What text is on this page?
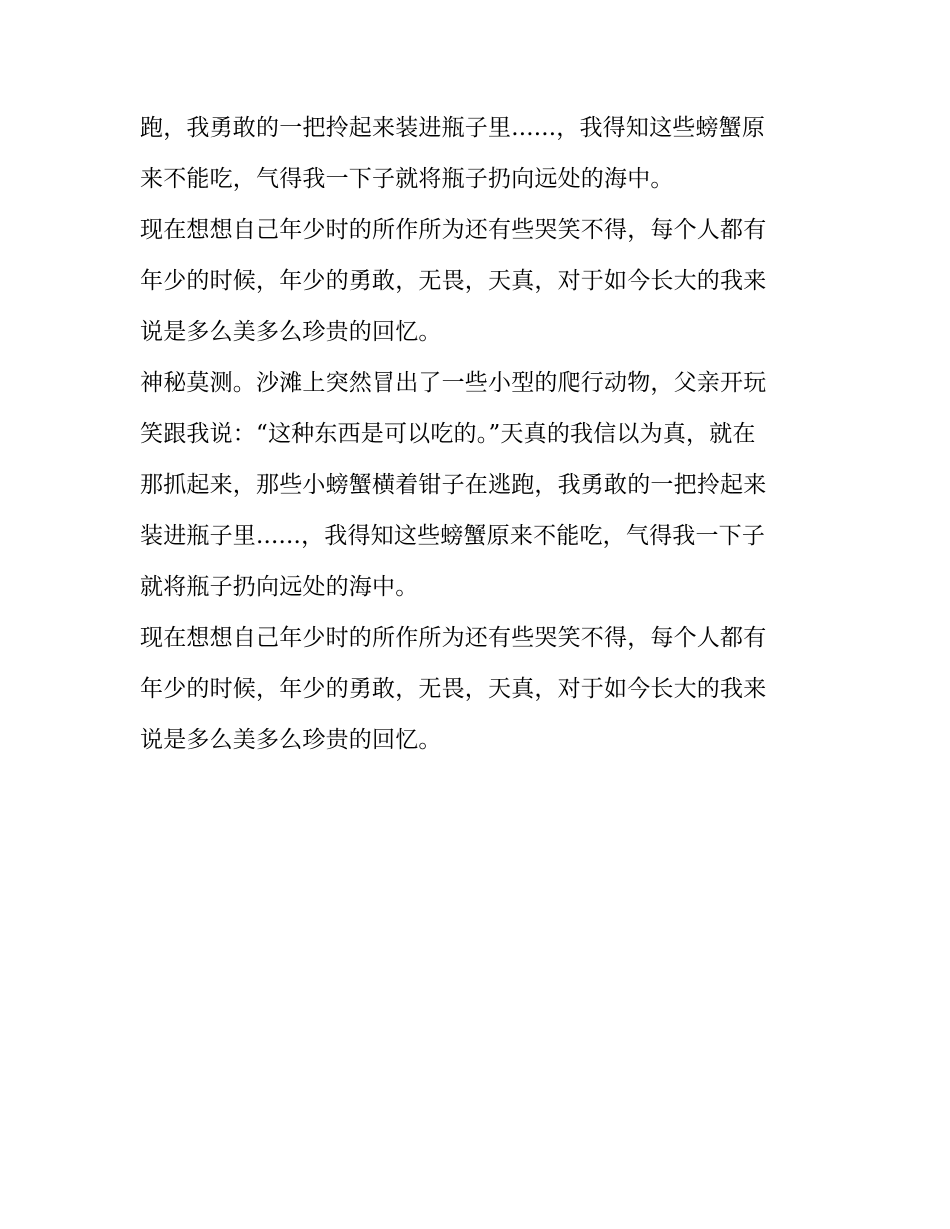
跑，我勇敢的一把拎起来装进瓶子里......，我得知这些螃蟹原
来不能吃，气得我一下子就将瓶子扔向远处的海中。
现在想想自己年少时的所作所为还有些哭笑不得，每个人都有
年少的时候，年少的勇敢，无畏，天真，对于如今长大的我来
说是多么美多么珍贵的回忆。
神秘莫测。沙滩上突然冒出了一些小型的爬行动物，父亲开玩
笑跟我说：“这种东西是可以吃的。”天真的我信以为真，就在
那抓起来，那些小螃蟹横着钳子在逃跑，我勇敢的一把拎起来
装进瓶子里......，我得知这些螃蟹原来不能吃，气得我一下子
就将瓶子扔向远处的海中。
现在想想自己年少时的所作所为还有些哭笑不得，每个人都有
年少的时候，年少的勇敢，无畏，天真，对于如今长大的我来
说是多么美多么珍贵的回忆。
